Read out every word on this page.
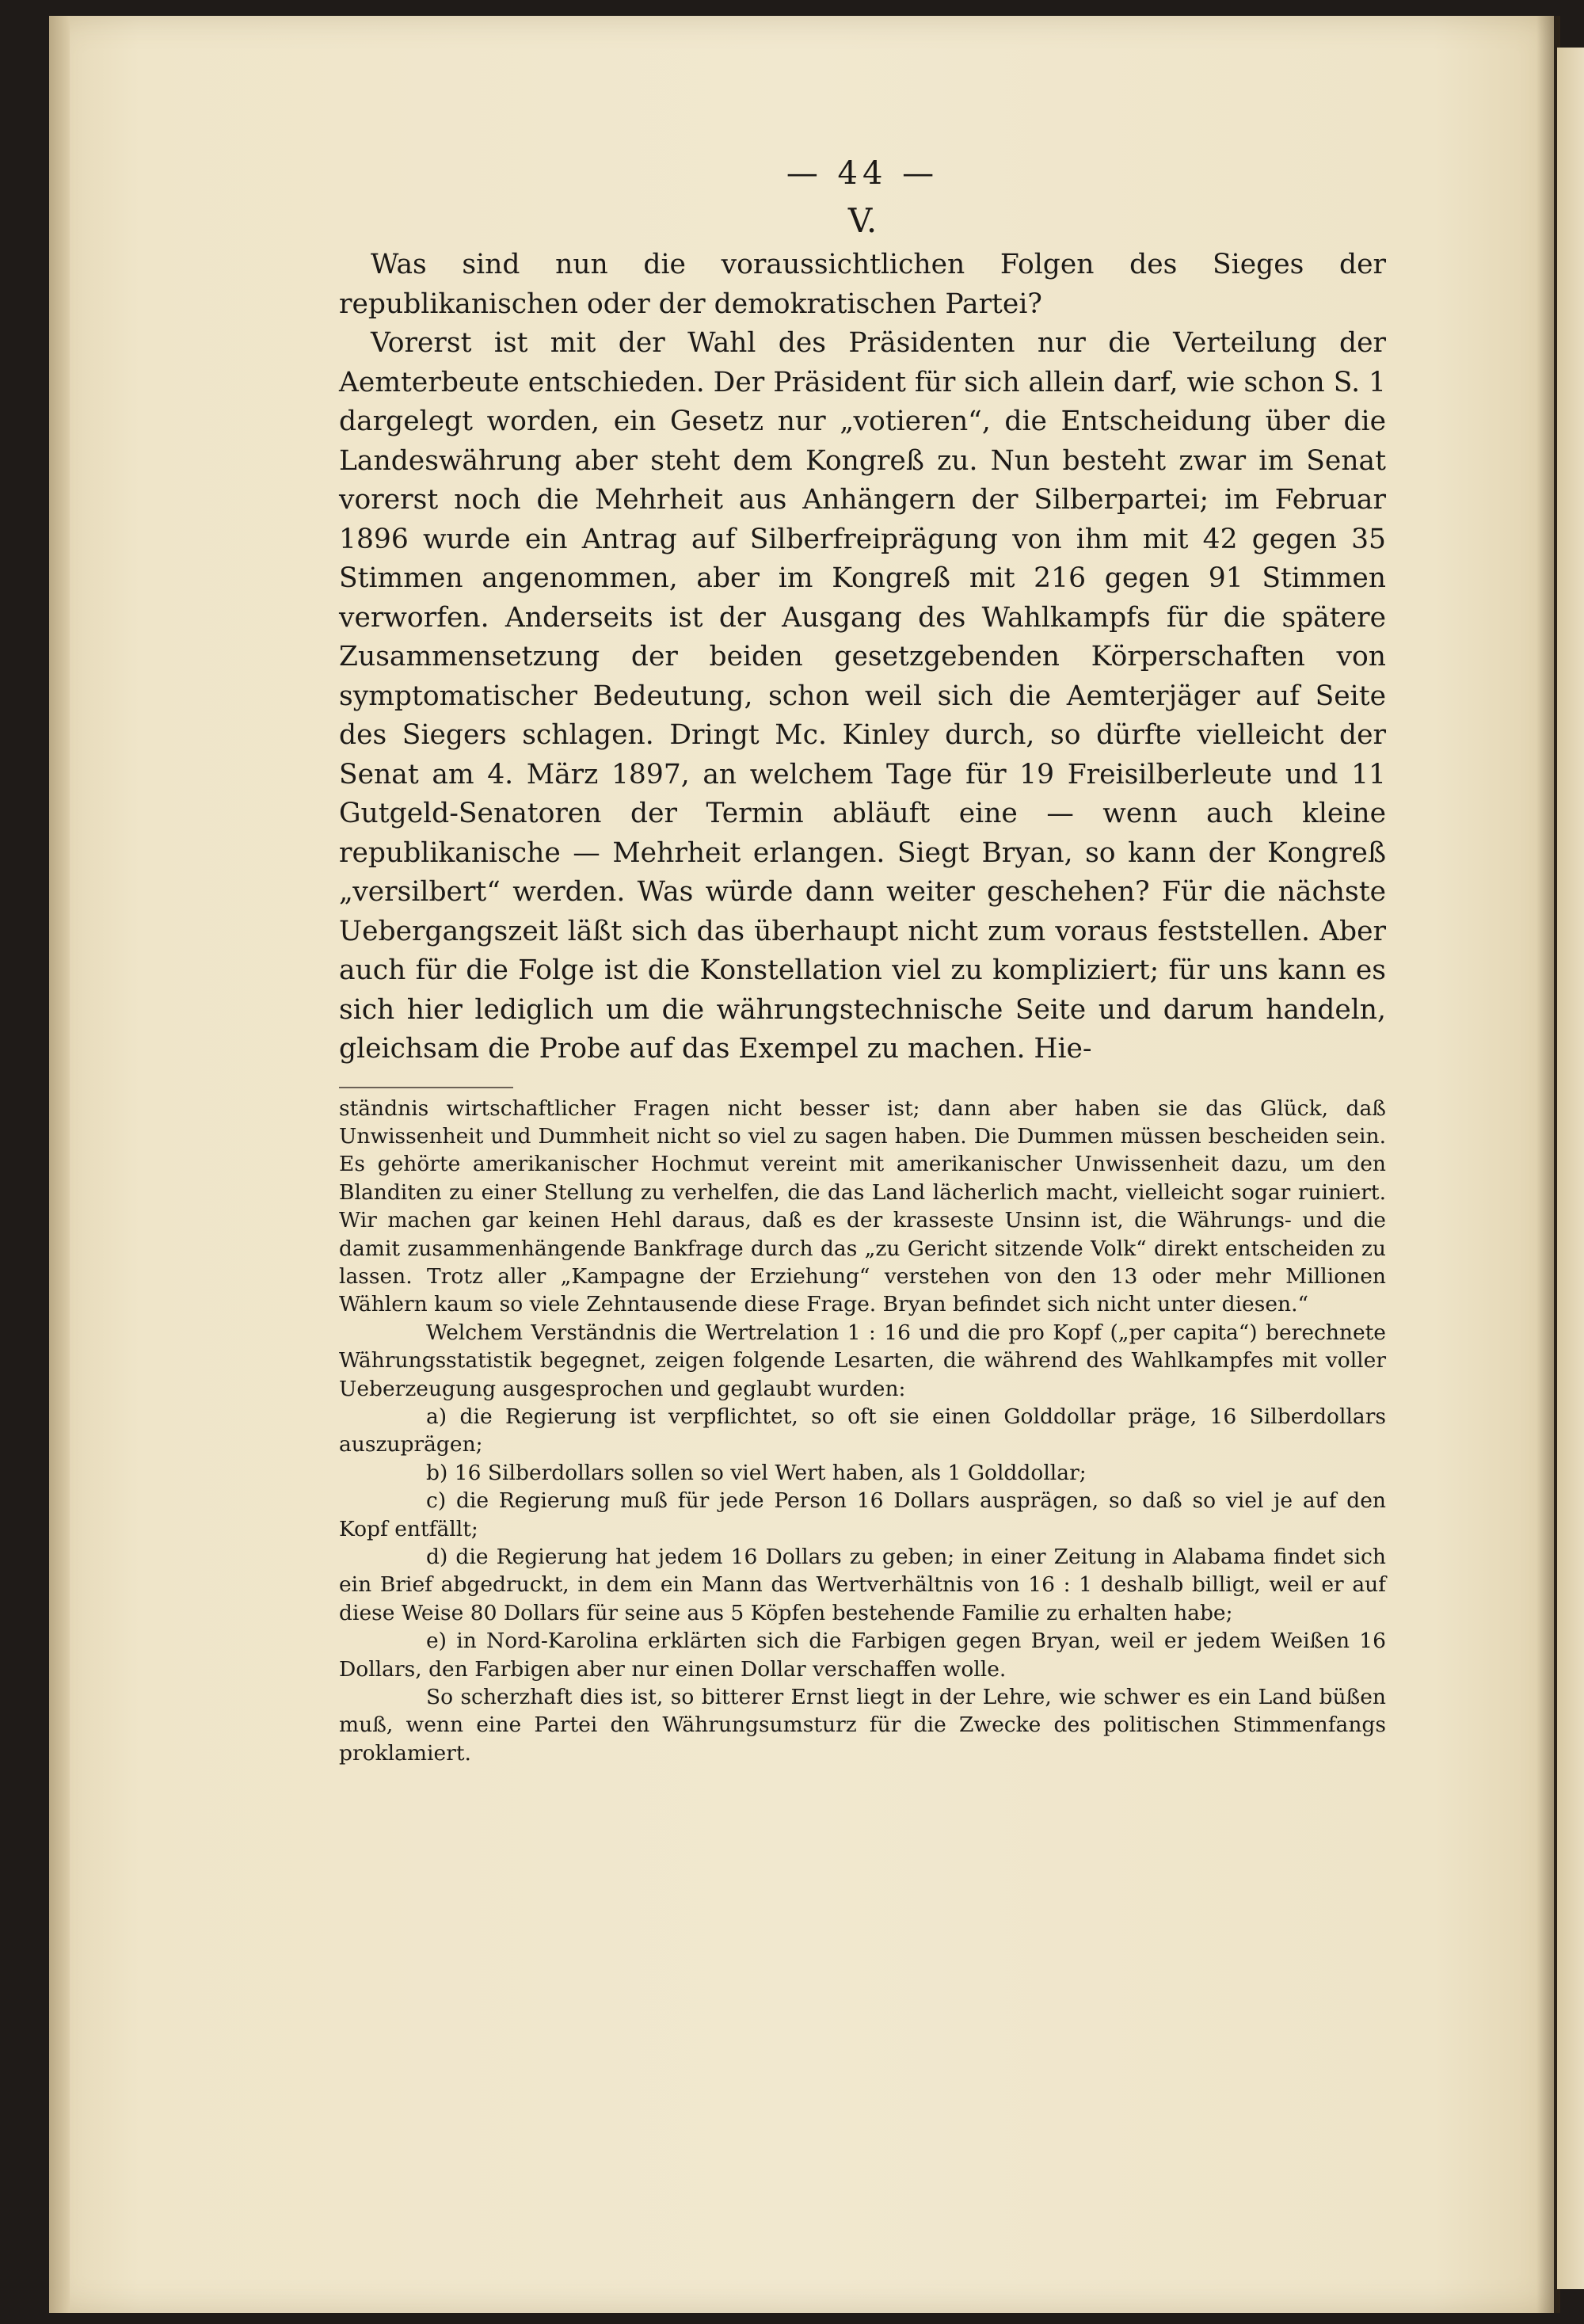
— 44 —
V.

Was sind nun die voraussichtlichen Folgen des Sieges der republikanischen oder der demokratischen Partei?

Vorerst ist mit der Wahl des Präsidenten nur die Verteilung der Aemterbeute entschieden. Der Präsident für sich allein darf, wie schon S. 1 dargelegt worden, ein Gesetz nur „votieren“, die Entscheidung über die Landeswährung aber steht dem Kongreß zu. Nun besteht zwar im Senat vorerst noch die Mehrheit aus Anhängern der Silberpartei; im Februar 1896 wurde ein Antrag auf Silberfreiprägung von ihm mit 42 gegen 35 Stimmen angenommen, aber im Kongreß mit 216 gegen 91 Stimmen verworfen. Anderseits ist der Ausgang des Wahlkampfs für die spätere Zusammensetzung der beiden gesetzgebenden Körperschaften von symptomatischer Bedeutung, schon weil sich die Aemterjäger auf Seite des Siegers schlagen. Dringt Mc. Kinley durch, so dürfte vielleicht der Senat am 4. März 1897, an welchem Tage für 19 Freisilberleute und 11 Gutgeld-Senatoren der Termin abläuft eine — wenn auch kleine republikanische — Mehrheit erlangen. Siegt Bryan, so kann der Kongreß „versilbert“ werden. Was würde dann weiter geschehen? Für die nächste Uebergangszeit läßt sich das überhaupt nicht zum voraus feststellen. Aber auch für die Folge ist die Konstellation viel zu kompliziert; für uns kann es sich hier lediglich um die währungstechnische Seite und darum handeln, gleichsam die Probe auf das Exempel zu machen. Hie-

ständnis wirtschaftlicher Fragen nicht besser ist; dann aber haben sie das Glück, daß Unwissenheit und Dummheit nicht so viel zu sagen haben. Die Dummen müssen bescheiden sein. Es gehörte amerikanischer Hochmut vereint mit amerikanischer Unwissenheit dazu, um den Blanditen zu einer Stellung zu verhelfen, die das Land lächerlich macht, vielleicht sogar ruiniert. Wir machen gar keinen Hehl daraus, daß es der krasseste Unsinn ist, die Währungs- und die damit zusammenhängende Bankfrage durch das „zu Gericht sitzende Volk“ direkt entscheiden zu lassen. Trotz aller „Kampagne der Erziehung“ verstehen von den 13 oder mehr Millionen Wählern kaum so viele Zehntausende diese Frage. Bryan befindet sich nicht unter diesen.“

Welchem Verständnis die Wertrelation 1 : 16 und die pro Kopf („per capita“) berechnete Währungsstatistik begegnet, zeigen folgende Lesarten, die während des Wahlkampfes mit voller Ueberzeugung ausgesprochen und geglaubt wurden:

a) die Regierung ist verpflichtet, so oft sie einen Golddollar präge, 16 Silberdollars auszuprägen;

b) 16 Silberdollars sollen so viel Wert haben, als 1 Golddollar;

c) die Regierung muß für jede Person 16 Dollars ausprägen, so daß so viel je auf den Kopf entfällt;

d) die Regierung hat jedem 16 Dollars zu geben; in einer Zeitung in Alabama findet sich ein Brief abgedruckt, in dem ein Mann das Wertverhältnis von 16 : 1 deshalb billigt, weil er auf diese Weise 80 Dollars für seine aus 5 Köpfen bestehende Familie zu erhalten habe;

e) in Nord-Karolina erklärten sich die Farbigen gegen Bryan, weil er jedem Weißen 16 Dollars, den Farbigen aber nur einen Dollar verschaffen wolle.

So scherzhaft dies ist, so bitterer Ernst liegt in der Lehre, wie schwer es ein Land büßen muß, wenn eine Partei den Währungsumsturz für die Zwecke des politischen Stimmenfangs proklamiert.
